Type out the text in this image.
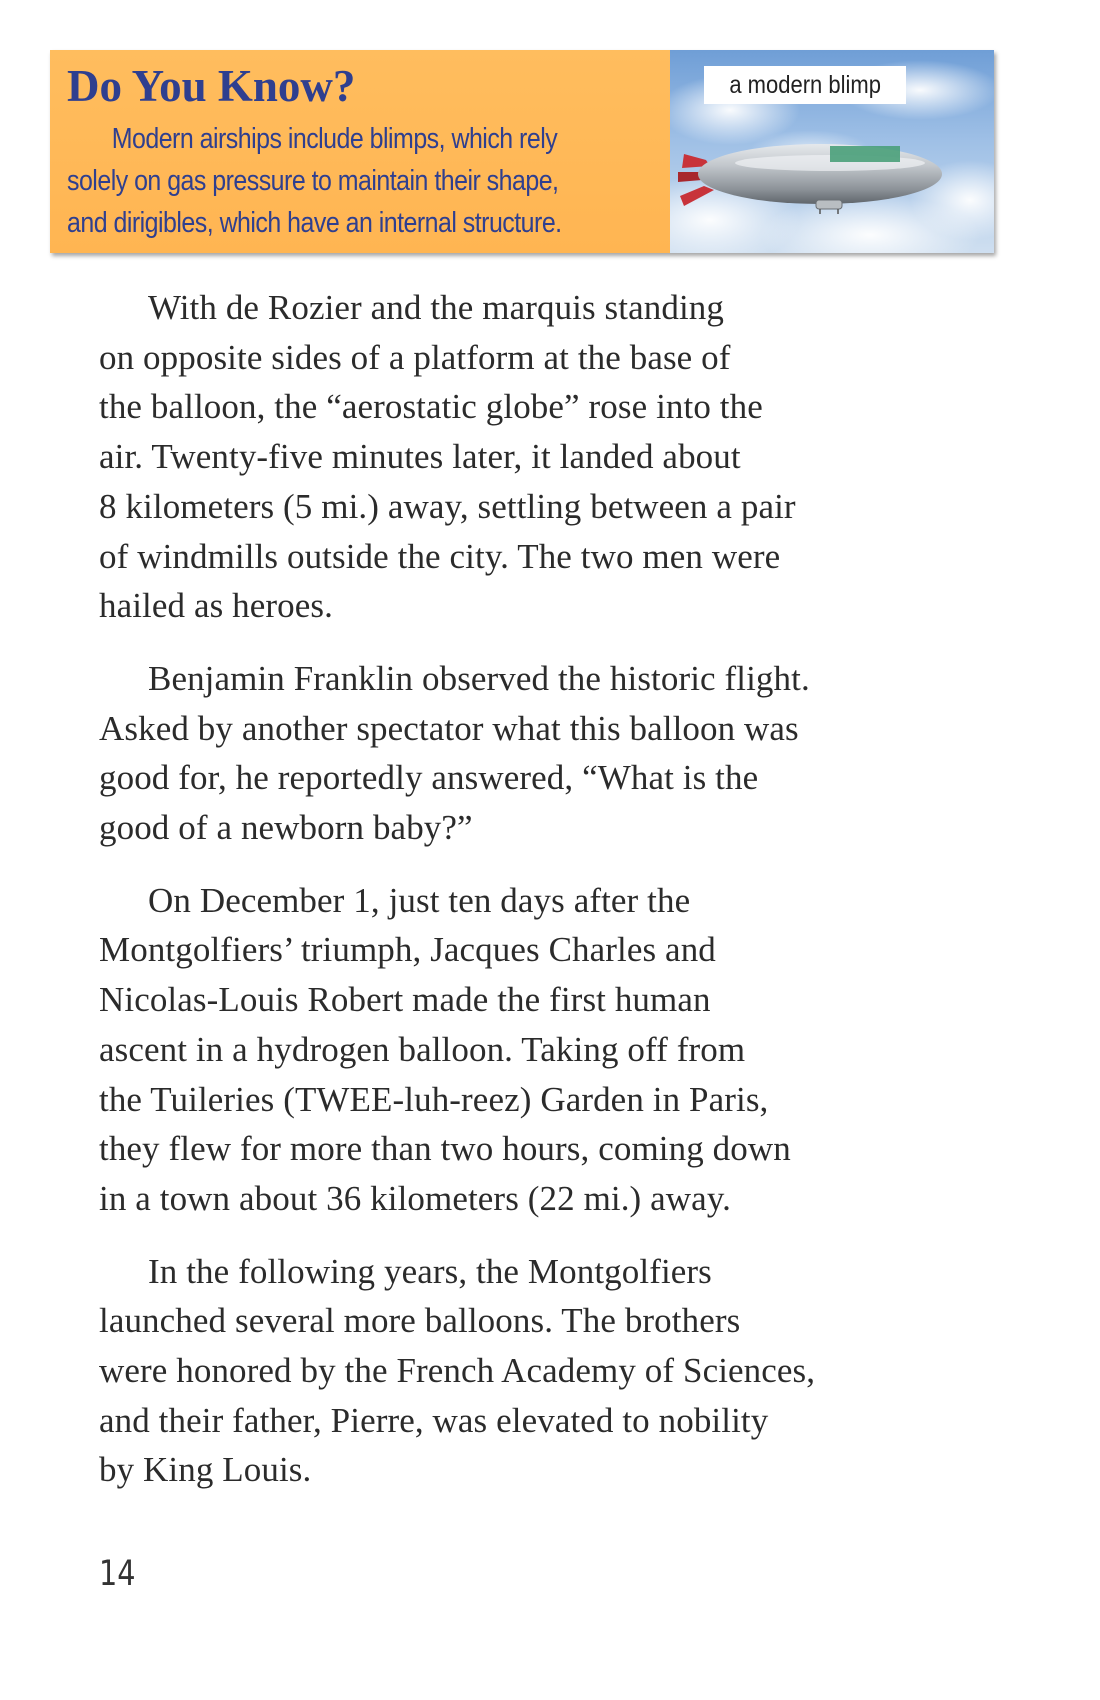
Do You Know?
Modern airships include blimps, which rely
solely on gas pressure to maintain their shape,
and dirigibles, which have an internal structure.
a modern blimp

With de Rozier and the marquis standing
on opposite sides of a platform at the base of
the balloon, the “aerostatic globe” rose into the
air. Twenty-five minutes later, it landed about
8 kilometers (5 mi.) away, settling between a pair
of windmills outside the city. The two men were
hailed as heroes.

Benjamin Franklin observed the historic flight.
Asked by another spectator what this balloon was
good for, he reportedly answered, “What is the
good of a newborn baby?”

On December 1, just ten days after the
Montgolfiers’ triumph, Jacques Charles and
Nicolas-Louis Robert made the first human
ascent in a hydrogen balloon. Taking off from
the Tuileries (TWEE-luh-reez) Garden in Paris,
they flew for more than two hours, coming down
in a town about 36 kilometers (22 mi.) away.

In the following years, the Montgolfiers
launched several more balloons. The brothers
were honored by the French Academy of Sciences,
and their father, Pierre, was elevated to nobility
by King Louis.

14
